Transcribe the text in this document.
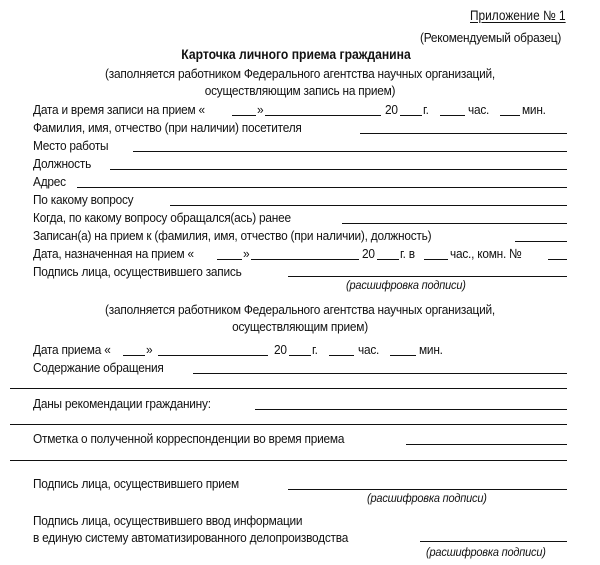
Приложение № 1
(Рекомендуемый образец)
Карточка личного приема гражданина
(заполняется работником Федерального агентства научных организаций,
осуществляющим запись на прием)
Дата и время записи на прием «	»	20 г.	час. мин.
Фамилия, имя, отчество (при наличии) посетителя
Место работы
Должность
Адрес
По какому вопросу
Когда, по какому вопросу обращался(ась) ранее
Записан(а) на прием к (фамилия, имя, отчество (при наличии), должность)
Дата, назначенная на прием «	»	20 г. в	час., комн. №
Подпись лица, осуществившего запись
(расшифровка подписи)
(заполняется работником Федерального агентства научных организаций,
осуществляющим прием)
Дата приема «	»	20 г.	час.	мин.
Содержание обращения
Даны рекомендации гражданину:
Отметка о полученной корреспонденции во время приема
Подпись лица, осуществившего прием
(расшифровка подписи)
Подпись лица, осуществившего ввод информации
в единую систему автоматизированного делопроизводства
(расшифровка подписи)
